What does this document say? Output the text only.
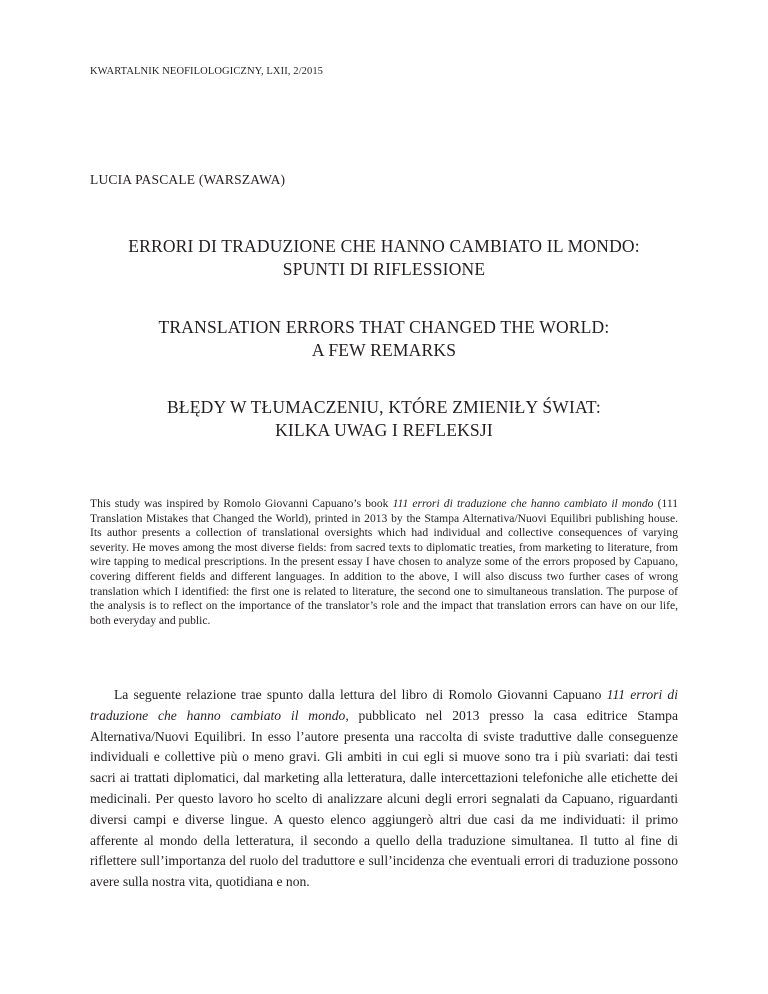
KWARTALNIK NEOFILOLOGICZNY, LXII, 2/2015
LUCIA PASCALE (WARSZAWA)
ERRORI DI TRADUZIONE CHE HANNO CAMBIATO IL MONDO:
SPUNTI DI RIFLESSIONE
TRANSLATION ERRORS THAT CHANGED THE WORLD:
A FEW REMARKS
BŁĘDY W TŁUMACZENIU, KTÓRE ZMIENIŁY ŚWIAT:
KILKA UWAG I REFLEKSJI
This study was inspired by Romolo Giovanni Capuano’s book 111 errori di traduzione che hanno cambiato il mondo (111 Translation Mistakes that Changed the World), printed in 2013 by the Stampa Alternativa/Nuovi Equilibri publishing house. Its author presents a collection of translational oversights which had individual and collective consequences of varying severity. He moves among the most diverse fields: from sacred texts to diplomatic treaties, from marketing to literature, from wire tapping to medical prescriptions. In the present essay I have chosen to analyze some of the errors proposed by Capuano, covering different fields and different languages. In addition to the above, I will also discuss two further cases of wrong translation which I identified: the first one is related to literature, the second one to simultaneous translation. The purpose of the analysis is to reflect on the importance of the translator’s role and the impact that translation errors can have on our life, both everyday and public.
La seguente relazione trae spunto dalla lettura del libro di Romolo Giovanni Capuano 111 errori di traduzione che hanno cambiato il mondo, pubblicato nel 2013 presso la casa editrice Stampa Alternativa/Nuovi Equilibri. In esso l’autore presenta una raccolta di sviste traduttive dalle conseguenze individuali e collettive più o meno gravi. Gli ambiti in cui egli si muove sono tra i più svariati: dai testi sacri ai trattati diplomatici, dal marketing alla letteratura, dalle intercettazioni telefoniche alle etichette dei medicinali. Per questo lavoro ho scelto di analizzare alcuni degli errori segnalati da Capuano, riguardanti diversi campi e diverse lingue. A questo elenco aggiungerò altri due casi da me individuati: il primo afferente al mondo della letteratura, il secondo a quello della traduzione simultanea. Il tutto al fine di riflettere sull’importanza del ruolo del traduttore e sull’incidenza che eventuali errori di traduzione possono avere sulla nostra vita, quotidiana e non.
